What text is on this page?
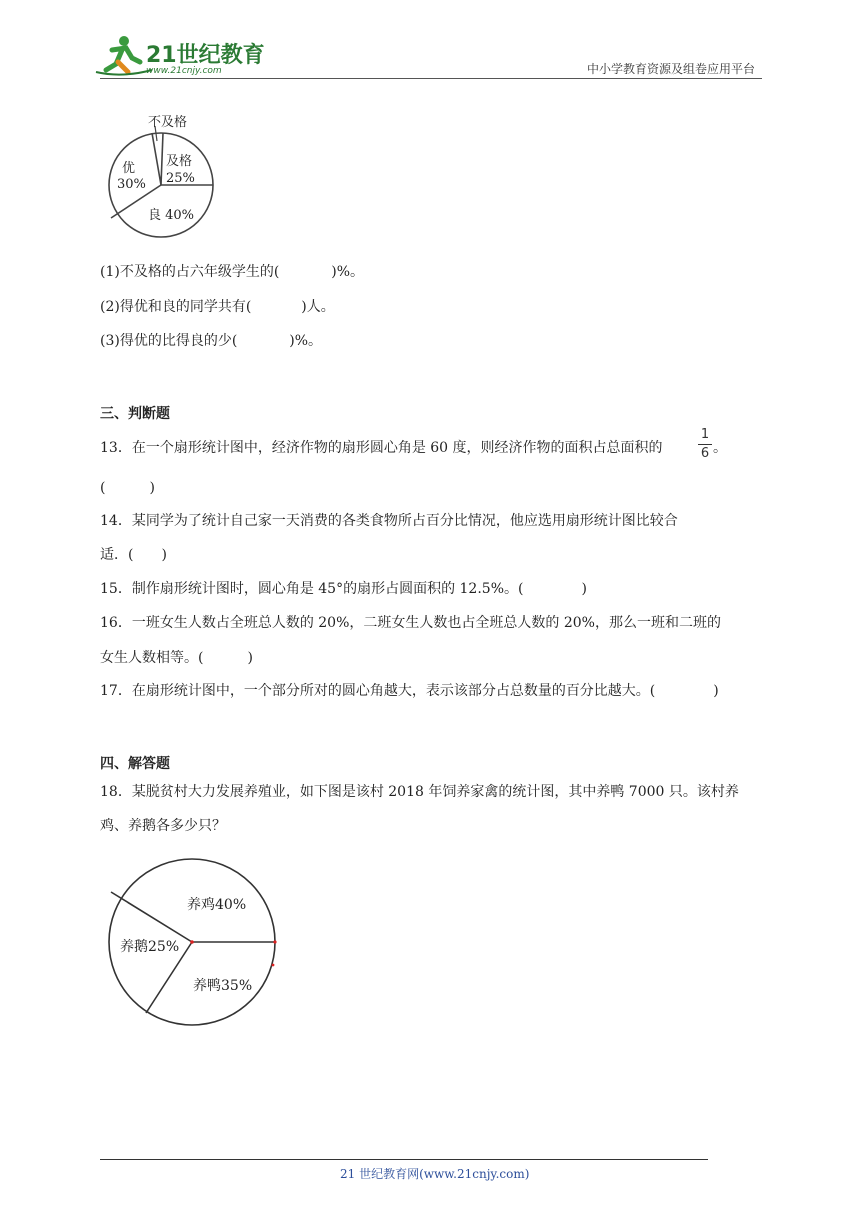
21世纪教育
www.21cnjy.com	中小学教育资源及组卷应用平台
不及格
及格
25%
良 40%
优
30%
(1)不及格的占六年级学生的(	)%。
(2)得优和良的同学共有(	)人。
(3)得优的比得良的少(	)%。
三、判断题
13．在一个扇形统计图中，经济作物的扇形圆心角是 60 度，则经济作物的面积占总面积的
1
6 。
(	)
14．某同学为了统计自己家一天消费的各类食物所占百分比情况，他应选用扇形统计图比较合
适．( )
15．制作扇形统计图时，圆心角是 45°的扇形占圆面积的 12.5%。(	)
16．一班女生人数占全班总人数的 20%，二班女生人数也占全班总人数的 20%，那么一班和二班的
女生人数相等。(	)
17．在扇形统计图中，一个部分所对的圆心角越大，表示该部分占总数量的百分比越大。(	)
四、解答题
18．某脱贫村大力发展养殖业，如下图是该村 2018 年饲养家禽的统计图，其中养鸭 7000 只。该村养
鸡、养鹅各多少只？
养鸡40%
养鹅25%
养鸭35%
21 世纪教育网(www.21cnjy.com)
